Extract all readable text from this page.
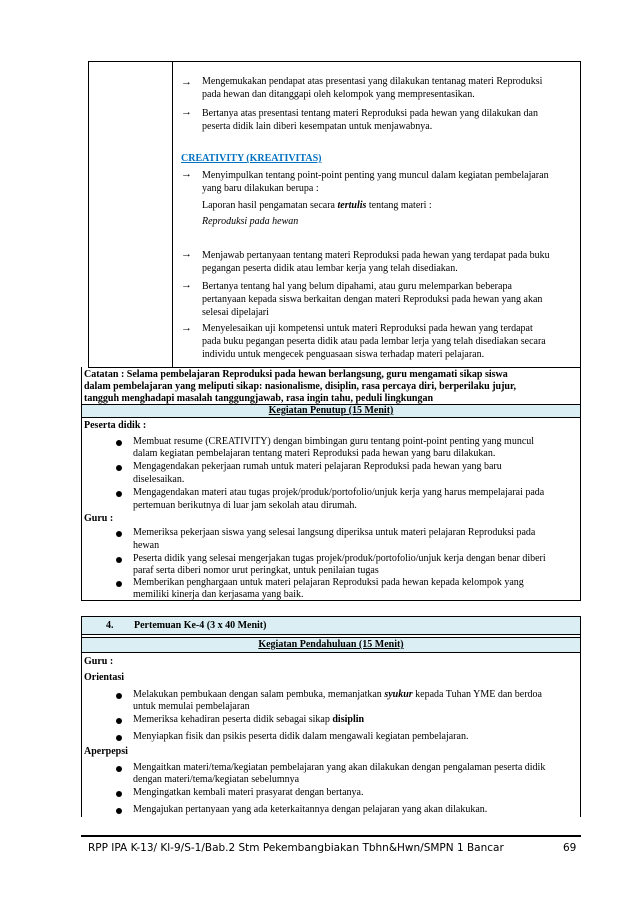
→ Mengemukakan pendapat atas presentasi yang dilakukan tentanag materi Reproduksi
pada hewan dan ditanggapi oleh kelompok yang mempresentasikan.
→ Bertanya atas presentasi tentang materi Reproduksi pada hewan yang dilakukan dan
peserta didik lain diberi kesempatan untuk menjawabnya.
CREATIVITY (KREATIVITAS)
→ Menyimpulkan tentang point-point penting yang muncul dalam kegiatan pembelajaran
yang baru dilakukan berupa :
Laporan hasil pengamatan secara tertulis tentang materi :
Reproduksi pada hewan
→ Menjawab pertanyaan tentang materi Reproduksi pada hewan yang terdapat pada buku
pegangan peserta didik atau lembar kerja yang telah disediakan.
→ Bertanya tentang hal yang belum dipahami, atau guru melemparkan beberapa
pertanyaan kepada siswa berkaitan dengan materi Reproduksi pada hewan yang akan
selesai dipelajari
→ Menyelesaikan uji kompetensi untuk materi Reproduksi pada hewan yang terdapat
pada buku pegangan peserta didik atau pada lembar lerja yang telah disediakan secara
individu untuk mengecek penguasaan siswa terhadap materi pelajaran.
Catatan : Selama pembelajaran Reproduksi pada hewan berlangsung, guru mengamati sikap siswa
dalam pembelajaran yang meliputi sikap: nasionalisme, disiplin, rasa percaya diri, berperilaku jujur,
tangguh menghadapi masalah tanggungjawab, rasa ingin tahu, peduli lingkungan
Kegiatan Penutup (15 Menit)
Peserta didik :
Membuat resume (CREATIVITY) dengan bimbingan guru tentang point-point penting yang muncul
dalam kegiatan pembelajaran tentang materi Reproduksi pada hewan yang baru dilakukan.
Mengagendakan pekerjaan rumah untuk materi pelajaran Reproduksi pada hewan yang baru
diselesaikan.
Mengagendakan materi atau tugas projek/produk/portofolio/unjuk kerja yang harus mempelajarai pada
pertemuan berikutnya di luar jam sekolah atau dirumah.
Guru :
Memeriksa pekerjaan siswa yang selesai langsung diperiksa untuk materi pelajaran Reproduksi pada
hewan
Peserta didik yang selesai mengerjakan tugas projek/produk/portofolio/unjuk kerja dengan benar diberi
paraf serta diberi nomor urut peringkat, untuk penilaian tugas
Memberikan penghargaan untuk materi pelajaran Reproduksi pada hewan kepada kelompok yang
memiliki kinerja dan kerjasama yang baik.
4. Pertemuan Ke-4 (3 x 40 Menit)
Kegiatan Pendahuluan (15 Menit)
Guru :
Orientasi
Melakukan pembukaan dengan salam pembuka, memanjatkan syukur kepada Tuhan YME dan berdoa
untuk memulai pembelajaran
Memeriksa kehadiran peserta didik sebagai sikap disiplin
Menyiapkan fisik dan psikis peserta didik dalam mengawali kegiatan pembelajaran.
Aperpepsi
Mengaitkan materi/tema/kegiatan pembelajaran yang akan dilakukan dengan pengalaman peserta didik
dengan materi/tema/kegiatan sebelumnya
Mengingatkan kembali materi prasyarat dengan bertanya.
Mengajukan pertanyaan yang ada keterkaitannya dengan pelajaran yang akan dilakukan.
RPP IPA K-13/ Kl-9/S-1/Bab.2 Stm Pekembangbiakan Tbhn&Hwn/SMPN 1 Bancar	69
